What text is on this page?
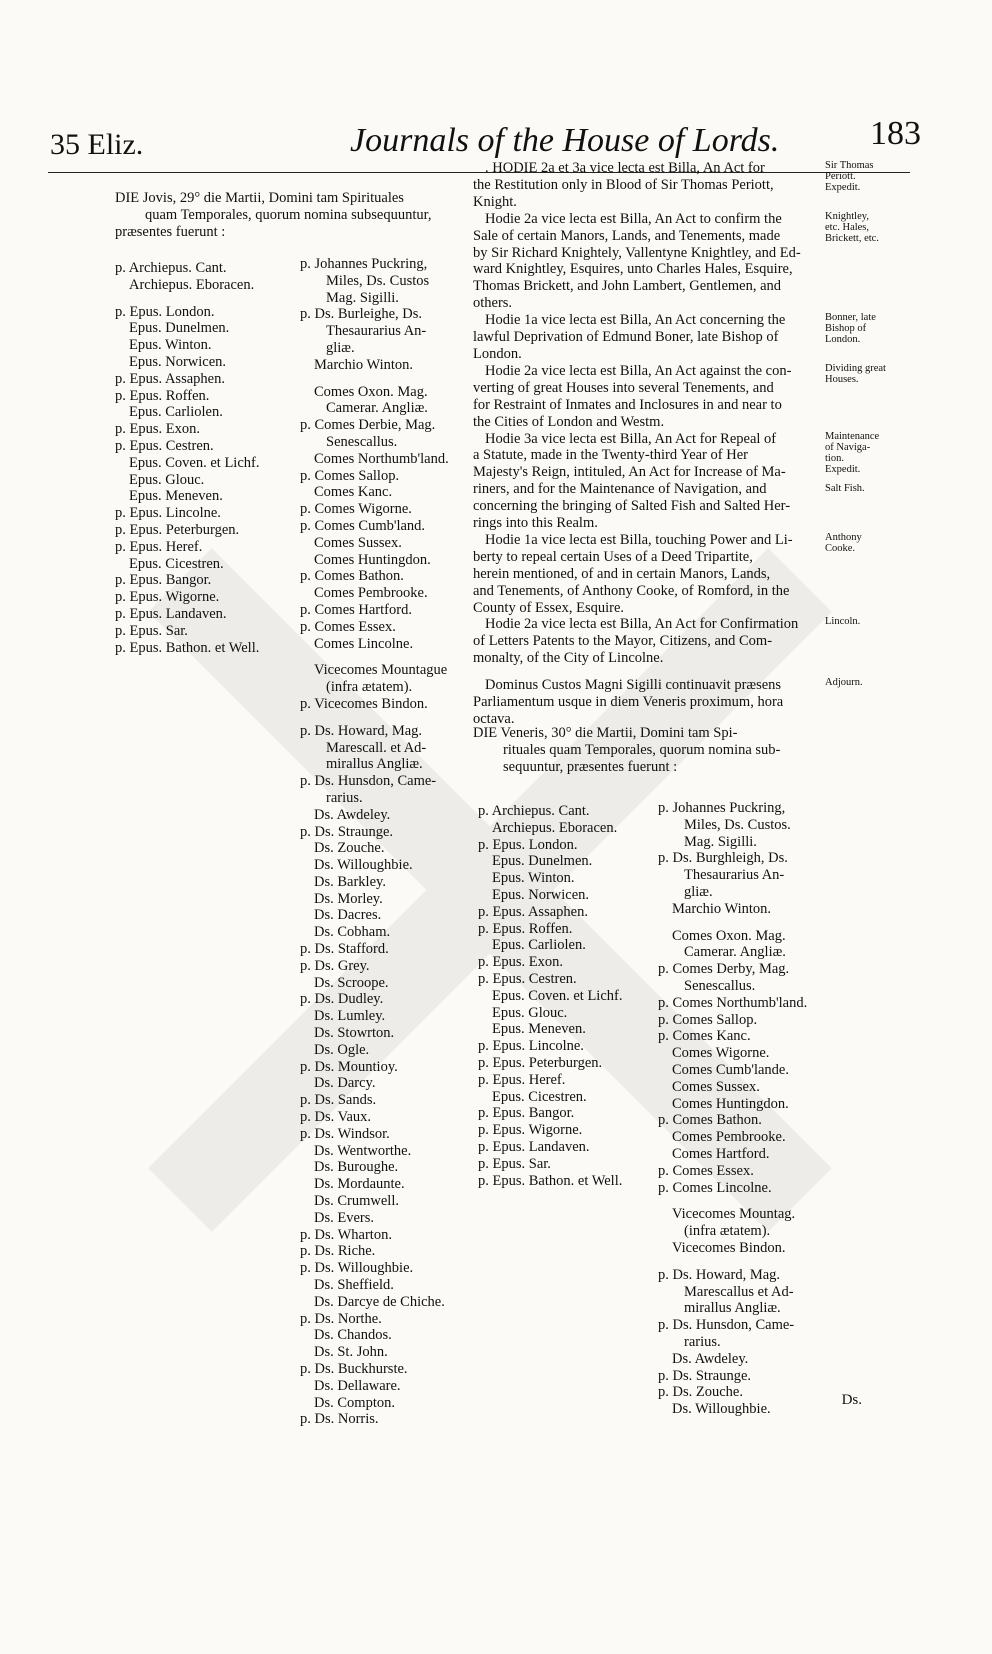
35 Eliz.	Journals of the House of Lords.	183
DIE Jovis, 29° die Martii, Domini tam Spirituales
quam Temporales, quorum nomina subsequuntur,
præsentes fuerunt :
p. Archiepus. Cant.
Archiepus. Eboracen.
p. Epus. London.
Epus. Dunelmen.
Epus. Winton.
Epus. Norwicen.
p. Epus. Assaphen.
p. Epus. Roffen.
Epus. Carliolen.
p. Epus. Exon.
p. Epus. Cestren.
Epus. Coven. et Lichf.
Epus. Glouc.
Epus. Meneven.
p. Epus. Lincolne.
p. Epus. Peterburgen.
p. Epus. Heref.
Epus. Cicestren.
p. Epus. Bangor.
p. Epus. Wigorne.
p. Epus. Landaven.
p. Epus. Sar.
p. Epus. Bathon. et Well.
p. Johannes Puckring,
Miles, Ds. Custos
Mag. Sigilli.
p. Ds. Burleighe, Ds.
Thesaurarius An-
gliæ.
Marchio Winton.
Comes Oxon. Mag.
Camerar. Angliæ.
p. Comes Derbie, Mag.
Senescallus.
Comes Northumb'land.
p. Comes Sallop.
Comes Kanc.
p. Comes Wigorne.
p. Comes Cumb'land.
Comes Sussex.
Comes Huntingdon.
p. Comes Bathon.
Comes Pembrooke.
p. Comes Hartford.
p. Comes Essex.
Comes Lincolne.
Vicecomes Mountague
(infra ætatem).
p. Vicecomes Bindon.
p. Ds. Howard, Mag.
Marescall. et Ad-
mirallus Angliæ.
p. Ds. Hunsdon, Came-
rarius.
Ds. Awdeley.
p. Ds. Straunge.
Ds. Zouche.
Ds. Willoughbie.
Ds. Barkley.
Ds. Morley.
Ds. Dacres.
Ds. Cobham.
p. Ds. Stafford.
p. Ds. Grey.
Ds. Scroope.
p. Ds. Dudley.
Ds. Lumley.
Ds. Stowrton.
Ds. Ogle.
p. Ds. Mountioy.
Ds. Darcy.
p. Ds. Sands.
p. Ds. Vaux.
p. Ds. Windsor.
Ds. Wentworthe.
Ds. Buroughe.
Ds. Mordaunte.
Ds. Crumwell.
Ds. Evers.
p. Ds. Wharton.
p. Ds. Riche.
p. Ds. Willoughbie.
Ds. Sheffield.
Ds. Darcye de Chiche.
p. Ds. Northe.
Ds. Chandos.
Ds. St. John.
p. Ds. Buckhurste.
Ds. Dellaware.
Ds. Compton.
p. Ds. Norris.
. HODIE 2a et 3a vice lecta est Billa, An Act for
the Restitution only in Blood of Sir Thomas Periott,
Knight.
Sir Thomas
Periott.
Expedit.
Hodie 2a vice lecta est Billa, An Act to confirm the
Sale of certain Manors, Lands, and Tenements, made
by Sir Richard Knightely, Vallentyne Knightley, and Ed-
ward Knightley, Esquires, unto Charles Hales, Esquire,
Thomas Brickett, and John Lambert, Gentlemen, and
others.
Knightley,
etc. Hales,
Brickett, etc.
Hodie 1a vice lecta est Billa, An Act concerning the
lawful Deprivation of Edmund Boner, late Bishop of
London.
Bonner, late
Bishop of
London.
Hodie 2a vice lecta est Billa, An Act against the con-
verting of great Houses into several Tenements, and
for Restraint of Inmates and Inclosures in and near to
the Cities of London and Westm.
Dividing great
Houses.
Hodie 3a vice lecta est Billa, An Act for Repeal of
a Statute, made in the Twenty-third Year of Her
Majesty's Reign, intituled, An Act for Increase of Ma-
riners, and for the Maintenance of Navigation, and
concerning the bringing of Salted Fish and Salted Her-
rings into this Realm.
Maintenance
of Naviga-
tion.
Expedit.
Salt Fish.
Hodie 1a vice lecta est Billa, touching Power and Li-
berty to repeal certain Uses of a Deed Tripartite,
herein mentioned, of and in certain Manors, Lands,
and Tenements, of Anthony Cooke, of Romford, in the
County of Essex, Esquire.
Anthony
Cooke.
Hodie 2a vice lecta est Billa, An Act for Confirmation
of Letters Patents to the Mayor, Citizens, and Com-
monalty, of the City of Lincolne.
Lincoln.
Dominus Custos Magni Sigilli continuavit præsens
Parliamentum usque in diem Veneris proximum, hora
octava.
Adjourn.
DIE Veneris, 30° die Martii, Domini tam Spi-
rituales quam Temporales, quorum nomina sub-
sequuntur, præsentes fuerunt :
p. Archiepus. Cant.
Archiepus. Eboracen.
p. Epus. London.
Epus. Dunelmen.
Epus. Winton.
Epus. Norwicen.
p. Epus. Assaphen.
p. Epus. Roffen.
Epus. Carliolen.
p. Epus. Exon.
p. Epus. Cestren.
Epus. Coven. et Lichf.
Epus. Glouc.
Epus. Meneven.
p. Epus. Lincolne.
p. Epus. Peterburgen.
p. Epus. Heref.
Epus. Cicestren.
p. Epus. Bangor.
p. Epus. Wigorne.
p. Epus. Landaven.
p. Epus. Sar.
p. Epus. Bathon. et Well.
p. Johannes Puckring,
Miles, Ds. Custos.
Mag. Sigilli.
p. Ds. Burghleigh, Ds.
Thesaurarius An-
gliæ.
Marchio Winton.
Comes Oxon. Mag.
Camerar. Angliæ.
p. Comes Derby, Mag.
Senescallus.
p. Comes Northumb'land.
p. Comes Sallop.
p. Comes Kanc.
Comes Wigorne.
Comes Cumb'lande.
Comes Sussex.
Comes Huntingdon.
p. Comes Bathon.
Comes Pembrooke.
Comes Hartford.
p. Comes Essex.
p. Comes Lincolne.
Vicecomes Mountag.
(infra ætatem).
Vicecomes Bindon.
p. Ds. Howard, Mag.
Marescallus et Ad-
mirallus Angliæ.
p. Ds. Hunsdon, Came-
rarius.
Ds. Awdeley.
p. Ds. Straunge.
p. Ds. Zouche.
Ds. Willoughbie.
Ds.
